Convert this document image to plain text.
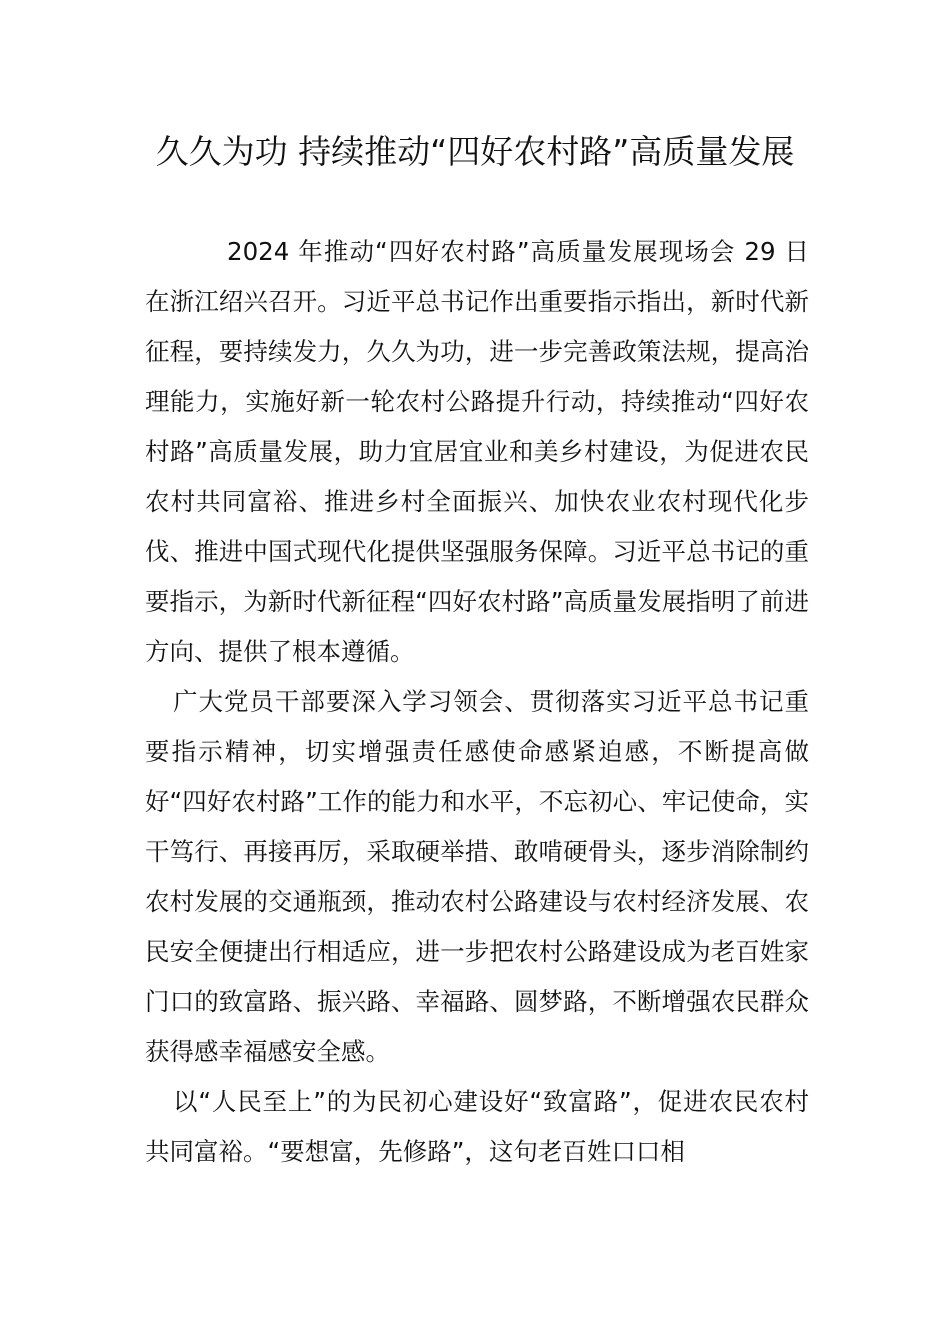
久久为功 持续推动“四好农村路”高质量发展

2024 年推动“四好农村路”高质量发展现场会 29 日在浙江绍兴召开。习近平总书记作出重要指示指出，新时代新征程，要持续发力，久久为功，进一步完善政策法规，提高治理能力，实施好新一轮农村公路提升行动，持续推动“四好农村路”高质量发展，助力宜居宜业和美乡村建设，为促进农民农村共同富裕、推进乡村全面振兴、加快农业农村现代化步伐、推进中国式现代化提供坚强服务保障。习近平总书记的重要指示，为新时代新征程“四好农村路”高质量发展指明了前进方向、提供了根本遵循。

广大党员干部要深入学习领会、贯彻落实习近平总书记重要指示精神，切实增强责任感使命感紧迫感，不断提高做好“四好农村路”工作的能力和水平，不忘初心、牢记使命，实干笃行、再接再厉，采取硬举措、敢啃硬骨头，逐步消除制约农村发展的交通瓶颈，推动农村公路建设与农村经济发展、农民安全便捷出行相适应，进一步把农村公路建设成为老百姓家门口的致富路、振兴路、幸福路、圆梦路，不断增强农民群众获得感幸福感安全感。

以“人民至上”的为民初心建设好“致富路”，促进农民农村共同富裕。“要想富，先修路”，这句老百姓口口相
